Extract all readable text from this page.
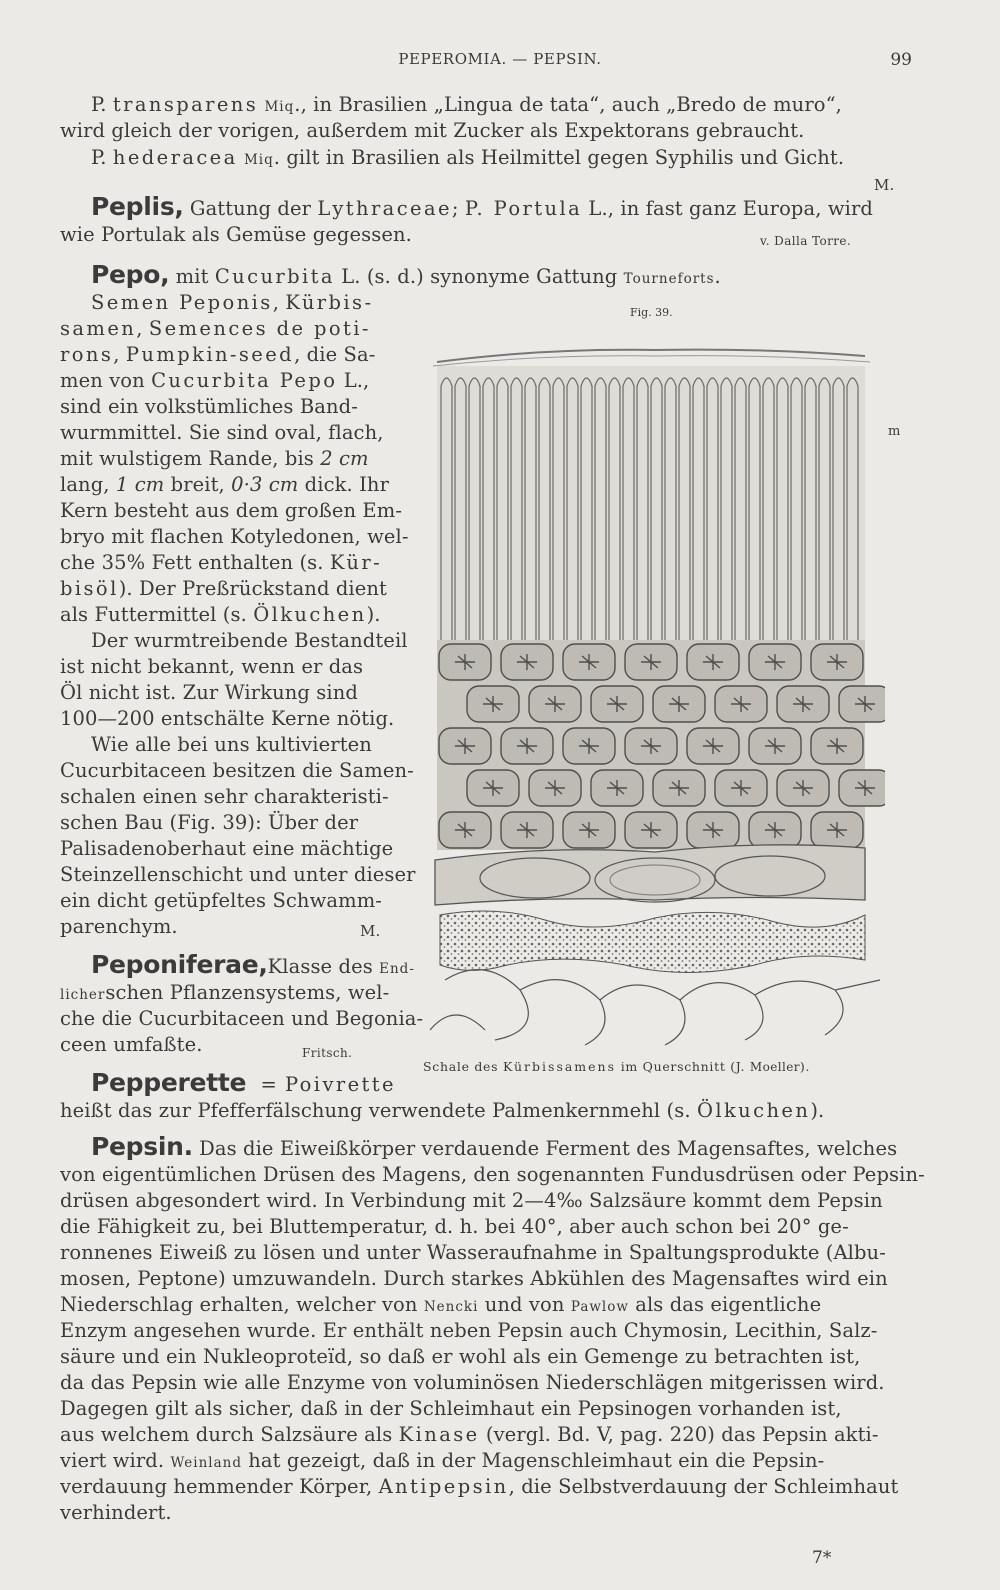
PEPEROMIA. — PEPSIN.	99
P. transparens Miq., in Brasilien „Lingua de tata“, auch „Bredo de muro“,
wird gleich der vorigen, außerdem mit Zucker als Expektorans gebraucht.
P. hederacea Miq. gilt in Brasilien als Heilmittel gegen Syphilis und Gicht.
M.
Peplis, Gattung der Lythraceae; P. Portula L., in fast ganz Europa, wird
wie Portulak als Gemüse gegessen.	v. Dalla Torre.
Pepo, mit Cucurbita L. (s. d.) synonyme Gattung Tourneforts.
Semen Peponis, Kürbis-
samen, Semences de poti-
rons, Pumpkin-seed, die Sa-
men von Cucurbita Pepo L.,
sind ein volkstümliches Band-
wurmmittel. Sie sind oval, flach,
mit wulstigem Rande, bis 2 cm
lang, 1 cm breit, 0·3 cm dick. Ihr
Kern besteht aus dem großen Em-
bryo mit flachen Kotyledonen, wel-
che 35% Fett enthalten (s. Kür-
bisöl). Der Preßrückstand dient
als Futtermittel (s. Ölkuchen).
Der wurmtreibende Bestandteil
ist nicht bekannt, wenn er das
Öl nicht ist. Zur Wirkung sind
100—200 entschälte Kerne nötig.
Wie alle bei uns kultivierten
Cucurbitaceen besitzen die Samen-
schalen einen sehr charakteristi-
schen Bau (Fig. 39): Über der
Palisadenoberhaut eine mächtige
Steinzellenschicht und unter dieser
ein dicht getüpfeltes Schwamm-
parenchym.	M.
Peponiferae,Klasse des End-
licherschen Pflanzensystems, wel-
che die Cucurbitaceen und Begonia-
ceen umfaßte.	Fritsch.
Pepperette = Poivrette
heißt das zur Pfefferfälschung verwendete Palmenkernmehl (s. Ölkuchen).
Pepsin. Das die Eiweißkörper verdauende Ferment des Magensaftes, welches
von eigentümlichen Drüsen des Magens, den sogenannten Fundusdrüsen oder Pepsin-
drüsen abgesondert wird. In Verbindung mit 2—4‰ Salzsäure kommt dem Pepsin
die Fähigkeit zu, bei Bluttemperatur, d. h. bei 40°, aber auch schon bei 20° ge-
ronnenes Eiweiß zu lösen und unter Wasseraufnahme in Spaltungsprodukte (Albu-
mosen, Peptone) umzuwandeln. Durch starkes Abkühlen des Magensaftes wird ein
Niederschlag erhalten, welcher von Nencki und von Pawlow als das eigentliche
Enzym angesehen wurde. Er enthält neben Pepsin auch Chymosin, Lecithin, Salz-
säure und ein Nukleoproteïd, so daß er wohl als ein Gemenge zu betrachten ist,
da das Pepsin wie alle Enzyme von voluminösen Niederschlägen mitgerissen wird.
Dagegen gilt als sicher, daß in der Schleimhaut ein Pepsinogen vorhanden ist,
aus welchem durch Salzsäure als Kinase (vergl. Bd. V, pag. 220) das Pepsin akti-
viert wird. Weinland hat gezeigt, daß in der Magenschleimhaut ein die Pepsin-
verdauung hemmender Körper, Antipepsin, die Selbstverdauung der Schleimhaut
verhindert.
Fig. 39.
m
Schale des Kürbissamens im Querschnitt (J. Moeller).
7*
